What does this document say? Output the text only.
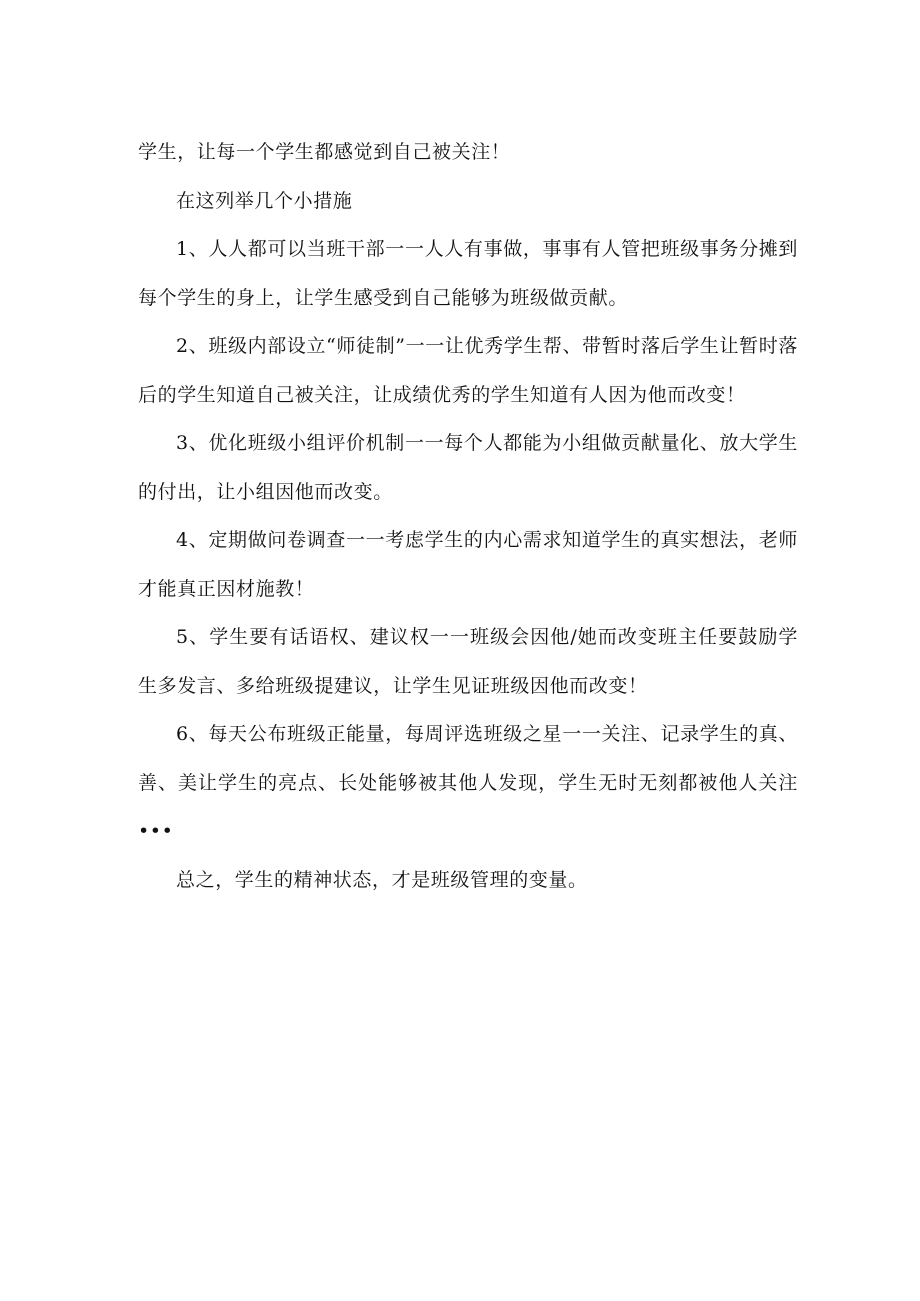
学生，让每一个学生都感觉到自己被关注！

在这列举几个小措施

1、人人都可以当班干部一一人人有事做，事事有人管把班级事务分摊到每个学生的身上，让学生感受到自己能够为班级做贡献。

2、班级内部设立“师徒制”一一让优秀学生帮、带暂时落后学生让暂时落后的学生知道自己被关注，让成绩优秀的学生知道有人因为他而改变！

3、优化班级小组评价机制一一每个人都能为小组做贡献量化、放大学生的付出，让小组因他而改变。

4、定期做问卷调查一一考虑学生的内心需求知道学生的真实想法，老师才能真正因材施教！

5、学生要有话语权、建议权一一班级会因他/她而改变班主任要鼓励学生多发言、多给班级提建议，让学生见证班级因他而改变！

6、每天公布班级正能量，每周评选班级之星一一关注、记录学生的真、善、美让学生的亮点、长处能够被其他人发现，学生无时无刻都被他人关注•••

总之，学生的精神状态，才是班级管理的变量。
